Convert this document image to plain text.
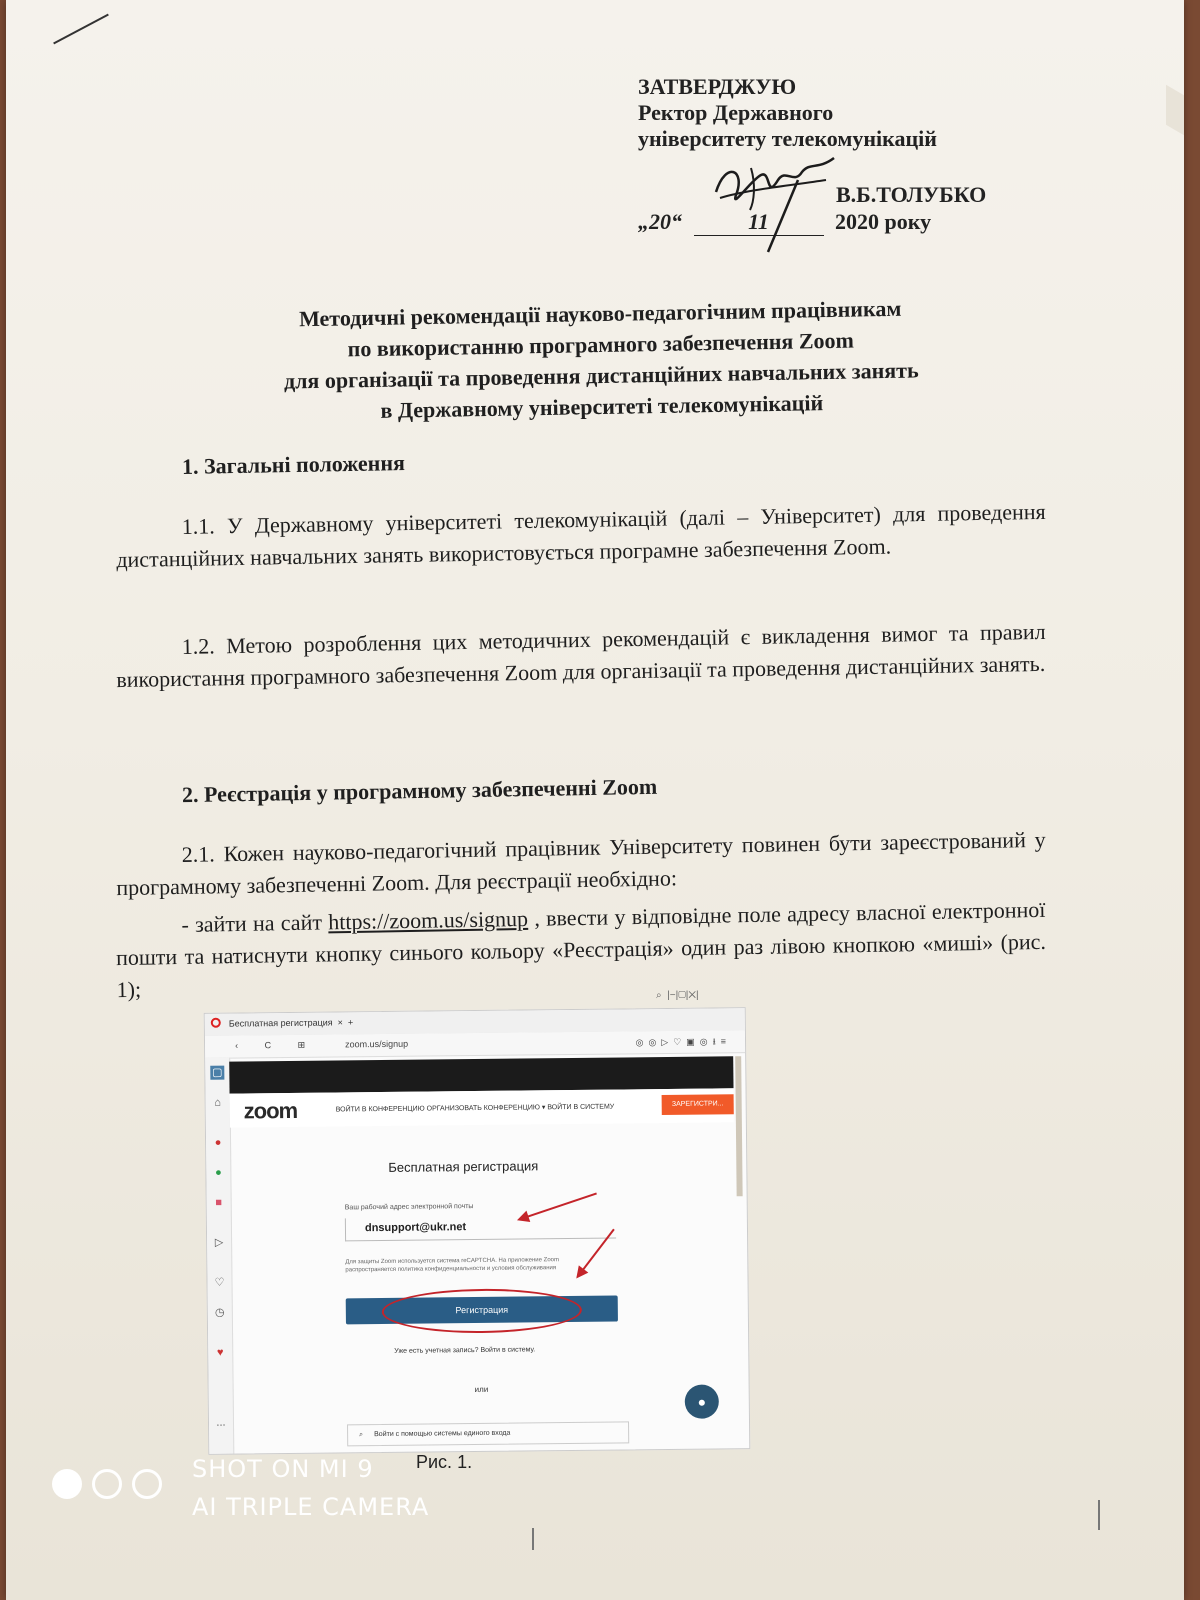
ЗАТВЕРДЖУЮ
Ректор Державного
університету телекомунікацій
В.Б.ТОЛУБКО
„20“	11	2020 року
Методичні рекомендації науково-педагогічним працівникам
по використанню програмного забезпечення Zoom
для організації та проведення дистанційних навчальних занять
в Державному університеті телекомунікацій
1. Загальні положення
1.1. У Державному університеті телекомунікацій (далі – Університет) для проведення дистанційних навчальних занять використовується програмне забезпечення Zoom.
1.2. Метою розроблення цих методичних рекомендацій є викладення вимог та правил використання програмного забезпечення Zoom для організації та проведення дистанційних занять.
2. Реєстрація у програмному забезпеченні Zoom
2.1. Кожен науково-педагогічний працівник Університету повинен бути зареєстрований у програмному забезпеченні Zoom. Для реєстрації необхідно:
- зайти на сайт https://zoom.us/signup , ввести у відповідне поле адресу власної електронної пошти та натиснути кнопку синього кольору «Реєстрація» один раз лівою кнопкою «миші» (рис. 1);	⌕  |−|▢|✕|
Бесплатная регистрация × +
‹ C ⊞	zoom.us/signup	◎◎▷♡▣◎⭳≡
▢
⌂
●
●
■
▷
♡
◷
♥
...
zoom	ВОЙТИ В КОНФЕРЕНЦИЮ ОРГАНИЗОВАТЬ КОНФЕРЕНЦИЮ ▾ ВОЙТИ В СИСТЕМУ	ЗАРЕГИСТРИ...
Бесплатная регистрация
Ваш рабочий адрес электронной почты
dnsupport@ukr.net
Для защиты Zoom используется система reCAPTCHA. На приложение Zoom распространяется политика конфиденциальности и условия обслуживания
Регистрация
Уже есть учетная запись? Войти в систему.
или
●
⌕ Войти с помощью системы единого входа
Рис. 1.
SHOT ON MI 9
AI TRIPLE CAMERA
